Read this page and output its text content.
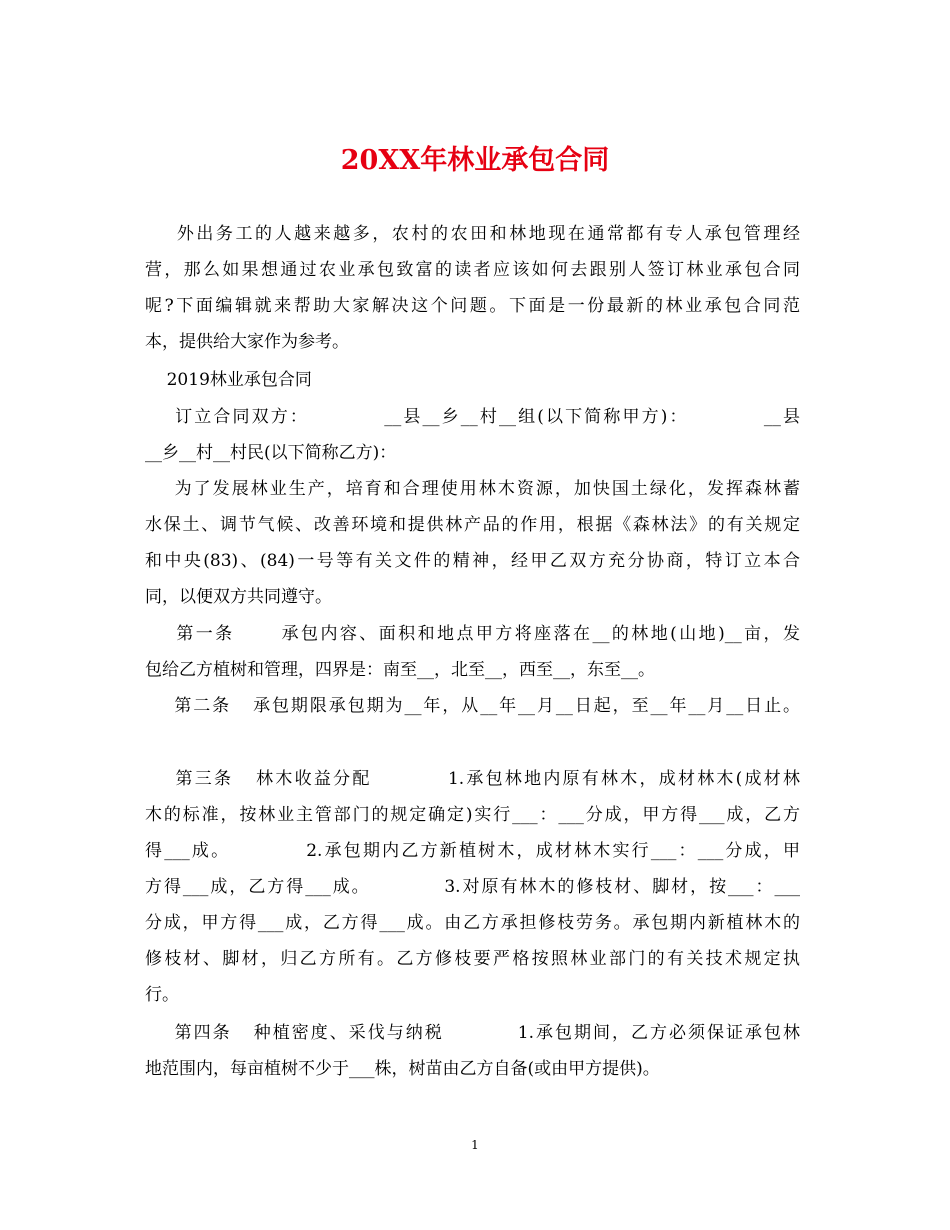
20XX年林业承包合同
外出务工的人越来越多，农村的农田和林地现在通常都有专人承包管理经
营，那么如果想通过农业承包致富的读者应该如何去跟别人签订林业承包合同
呢?下面编辑就来帮助大家解决这个问题。下面是一份最新的林业承包合同范
本，提供给大家作为参考。
2019林业承包合同
订立合同双方：          __县__乡__村__组(以下简称甲方)：          __县
__乡__村__村民(以下简称乙方)：
为了发展林业生产，培育和合理使用林木资源，加快国土绿化，发挥森林蓄
水保土、调节气候、改善环境和提供林产品的作用，根据《森林法》的有关规定
和中央(83)、(84)一号等有关文件的精神，经甲乙双方充分协商，特订立本合
同，以便双方共同遵守。
第一条      承包内容、面积和地点甲方将座落在__的林地(山地)__亩，发
包给乙方植树和管理，四界是：南至__，北至__，西至__，东至__。
第二条   承包期限承包期为__年，从__年__月__日起，至__年__月__日止。
第三条   林木收益分配          1.承包林地内原有林木，成材林木(成材林
木的标准，按林业主管部门的规定确定)实行___：___分成，甲方得___成，乙方
得___成。          2.承包期内乙方新植树木，成材林木实行___：___分成，甲
方得___成，乙方得___成。          3.对原有林木的修枝材、脚材，按___：___
分成，甲方得___成，乙方得___成。由乙方承担修枝劳务。承包期内新植林木的
修枝材、脚材，归乙方所有。乙方修枝要严格按照林业部门的有关技术规定执
行。
第四条   种植密度、采伐与纳税          1.承包期间，乙方必须保证承包林
地范围内，每亩植树不少于___株，树苗由乙方自备(或由甲方提供)。
1
